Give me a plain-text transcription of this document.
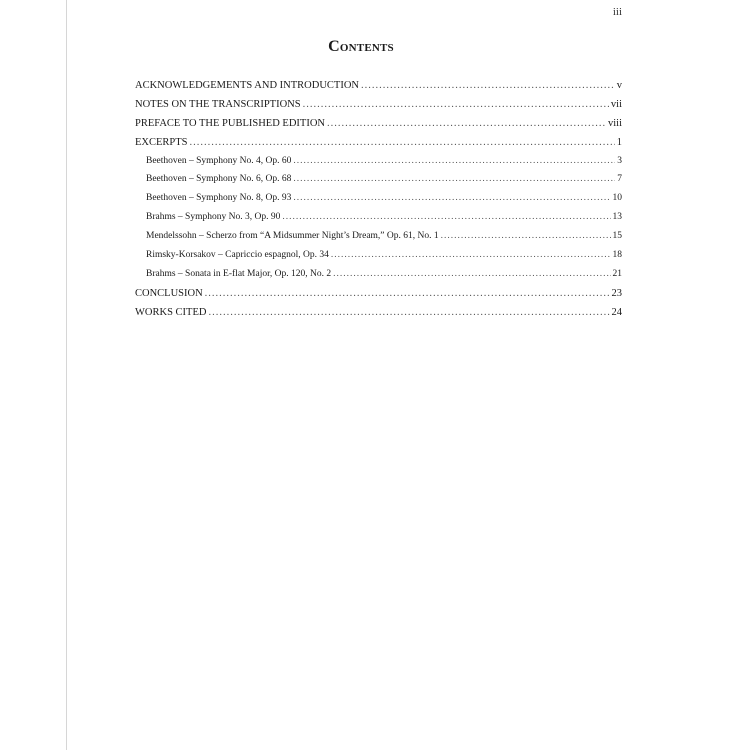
iii
Contents
ACKNOWLEDGEMENTS AND INTRODUCTION .....	v
NOTES ON THE TRANSCRIPTIONS .....	vii
PREFACE TO THE PUBLISHED EDITION .....	viii
EXCERPTS .....	1
Beethoven – Symphony No. 4, Op. 60 .....	3
Beethoven – Symphony No. 6, Op. 68 .....	7
Beethoven – Symphony No. 8, Op. 93 .....	10
Brahms – Symphony No. 3, Op. 90 .....	13
Mendelssohn – Scherzo from “A Midsummer Night’s Dream,” Op. 61, No. 1 .....	15
Rimsky-Korsakov – Capriccio espagnol, Op. 34 .....	18
Brahms – Sonata in E-flat Major, Op. 120, No. 2 .....	21
CONCLUSION .....	23
WORKS CITED .....	24
